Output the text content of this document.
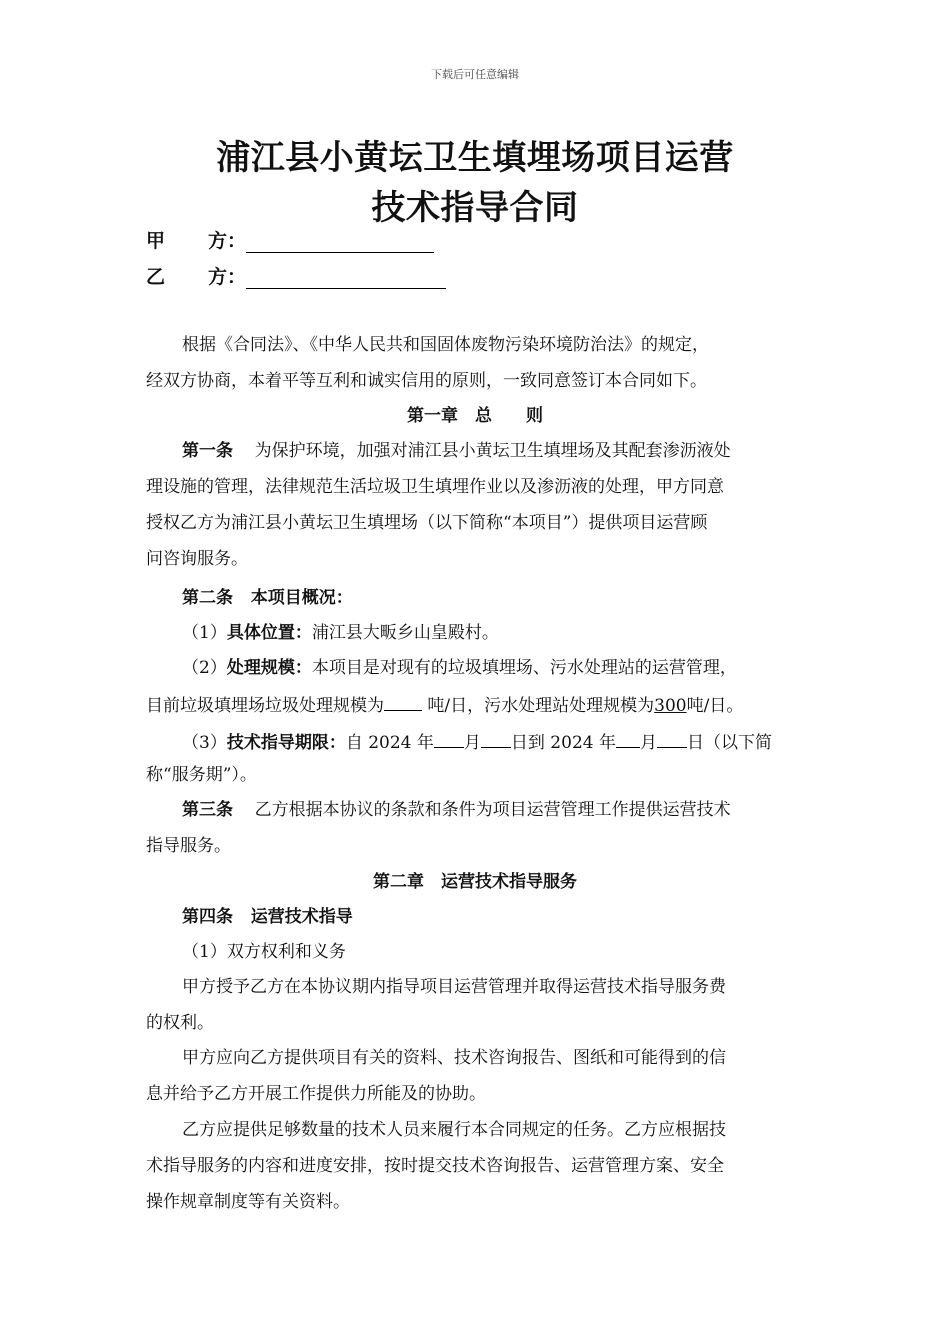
下载后可任意编辑
浦江县小黄坛卫生填埋场项目运营
技术指导合同
甲 方：
乙 方：
根据《合同法》、《中华人民共和国固体废物污染环境防治法》的规定，
经双方协商，本着平等互利和诚实信用的原则，一致同意签订本合同如下。
第一章　总　　则
第一条 为保护环境，加强对浦江县小黄坛卫生填埋场及其配套渗沥液处
理设施的管理，法律规范生活垃圾卫生填埋作业以及渗沥液的处理，甲方同意
授权乙方为浦江县小黄坛卫生填埋场（以下简称“本项目”）提供项目运营顾
问咨询服务。
第二条 本项目概况：
（1）具体位置：浦江县大畈乡山皇殿村。
（2）处理规模：本项目是对现有的垃圾填埋场、污水处理站的运营管理，
目前垃圾填埋场垃圾处理规模为 吨/日，污水处理站处理规模为300吨/日。
（3）技术指导期限：自 2024 年 月 日到 2024 年 月 日（以下简
称“服务期”）。
第三条 乙方根据本协议的条款和条件为项目运营管理工作提供运营技术
指导服务。
第二章　运营技术指导服务
第四条 运营技术指导
（1）双方权利和义务
甲方授予乙方在本协议期内指导项目运营管理并取得运营技术指导服务费
的权利。
甲方应向乙方提供项目有关的资料、技术咨询报告、图纸和可能得到的信
息并给予乙方开展工作提供力所能及的协助。
乙方应提供足够数量的技术人员来履行本合同规定的任务。乙方应根据技
术指导服务的内容和进度安排，按时提交技术咨询报告、运营管理方案、安全
操作规章制度等有关资料。
